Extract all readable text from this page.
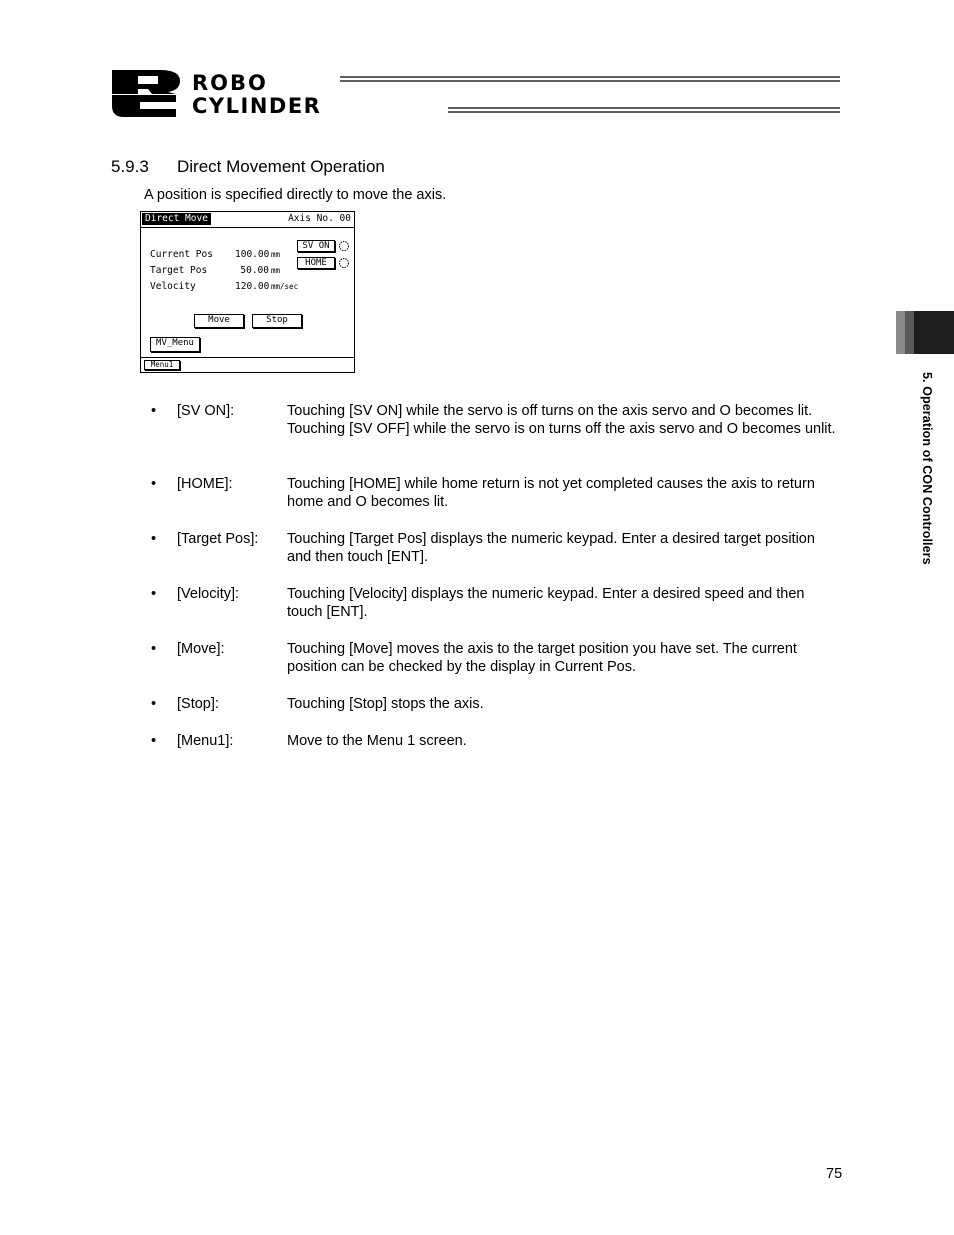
ROBO
CYLINDER
5. Operation of CON Controllers
5.9.3 Direct Movement Operation
A position is specified directly to move the axis.
Direct Move	Axis No. 00
Current Pos 100.00 mm
Target Pos	50.00 mm
Velocity	120.00 mm/sec
SV ON
HOME
Move	Stop
MV_Menu
Menu1
•	[SV ON]:	Touching [SV ON] while the servo is off turns on the axis servo and O becomes lit. Touching [SV OFF] while the servo is on turns off the axis servo and O becomes unlit.
•	[HOME]:	Touching [HOME] while home return is not yet completed causes the axis to return home and O becomes lit.
•	[Target Pos]: Touching [Target Pos] displays the numeric keypad. Enter a desired target position and then touch [ENT].
•	[Velocity]:	Touching [Velocity] displays the numeric keypad. Enter a desired speed and then touch [ENT].
•	[Move]:	Touching [Move] moves the axis to the target position you have set. The current position can be checked by the display in Current Pos.
•	[Stop]:	Touching [Stop] stops the axis.
•	[Menu1]:	Move to the Menu 1 screen.
75
